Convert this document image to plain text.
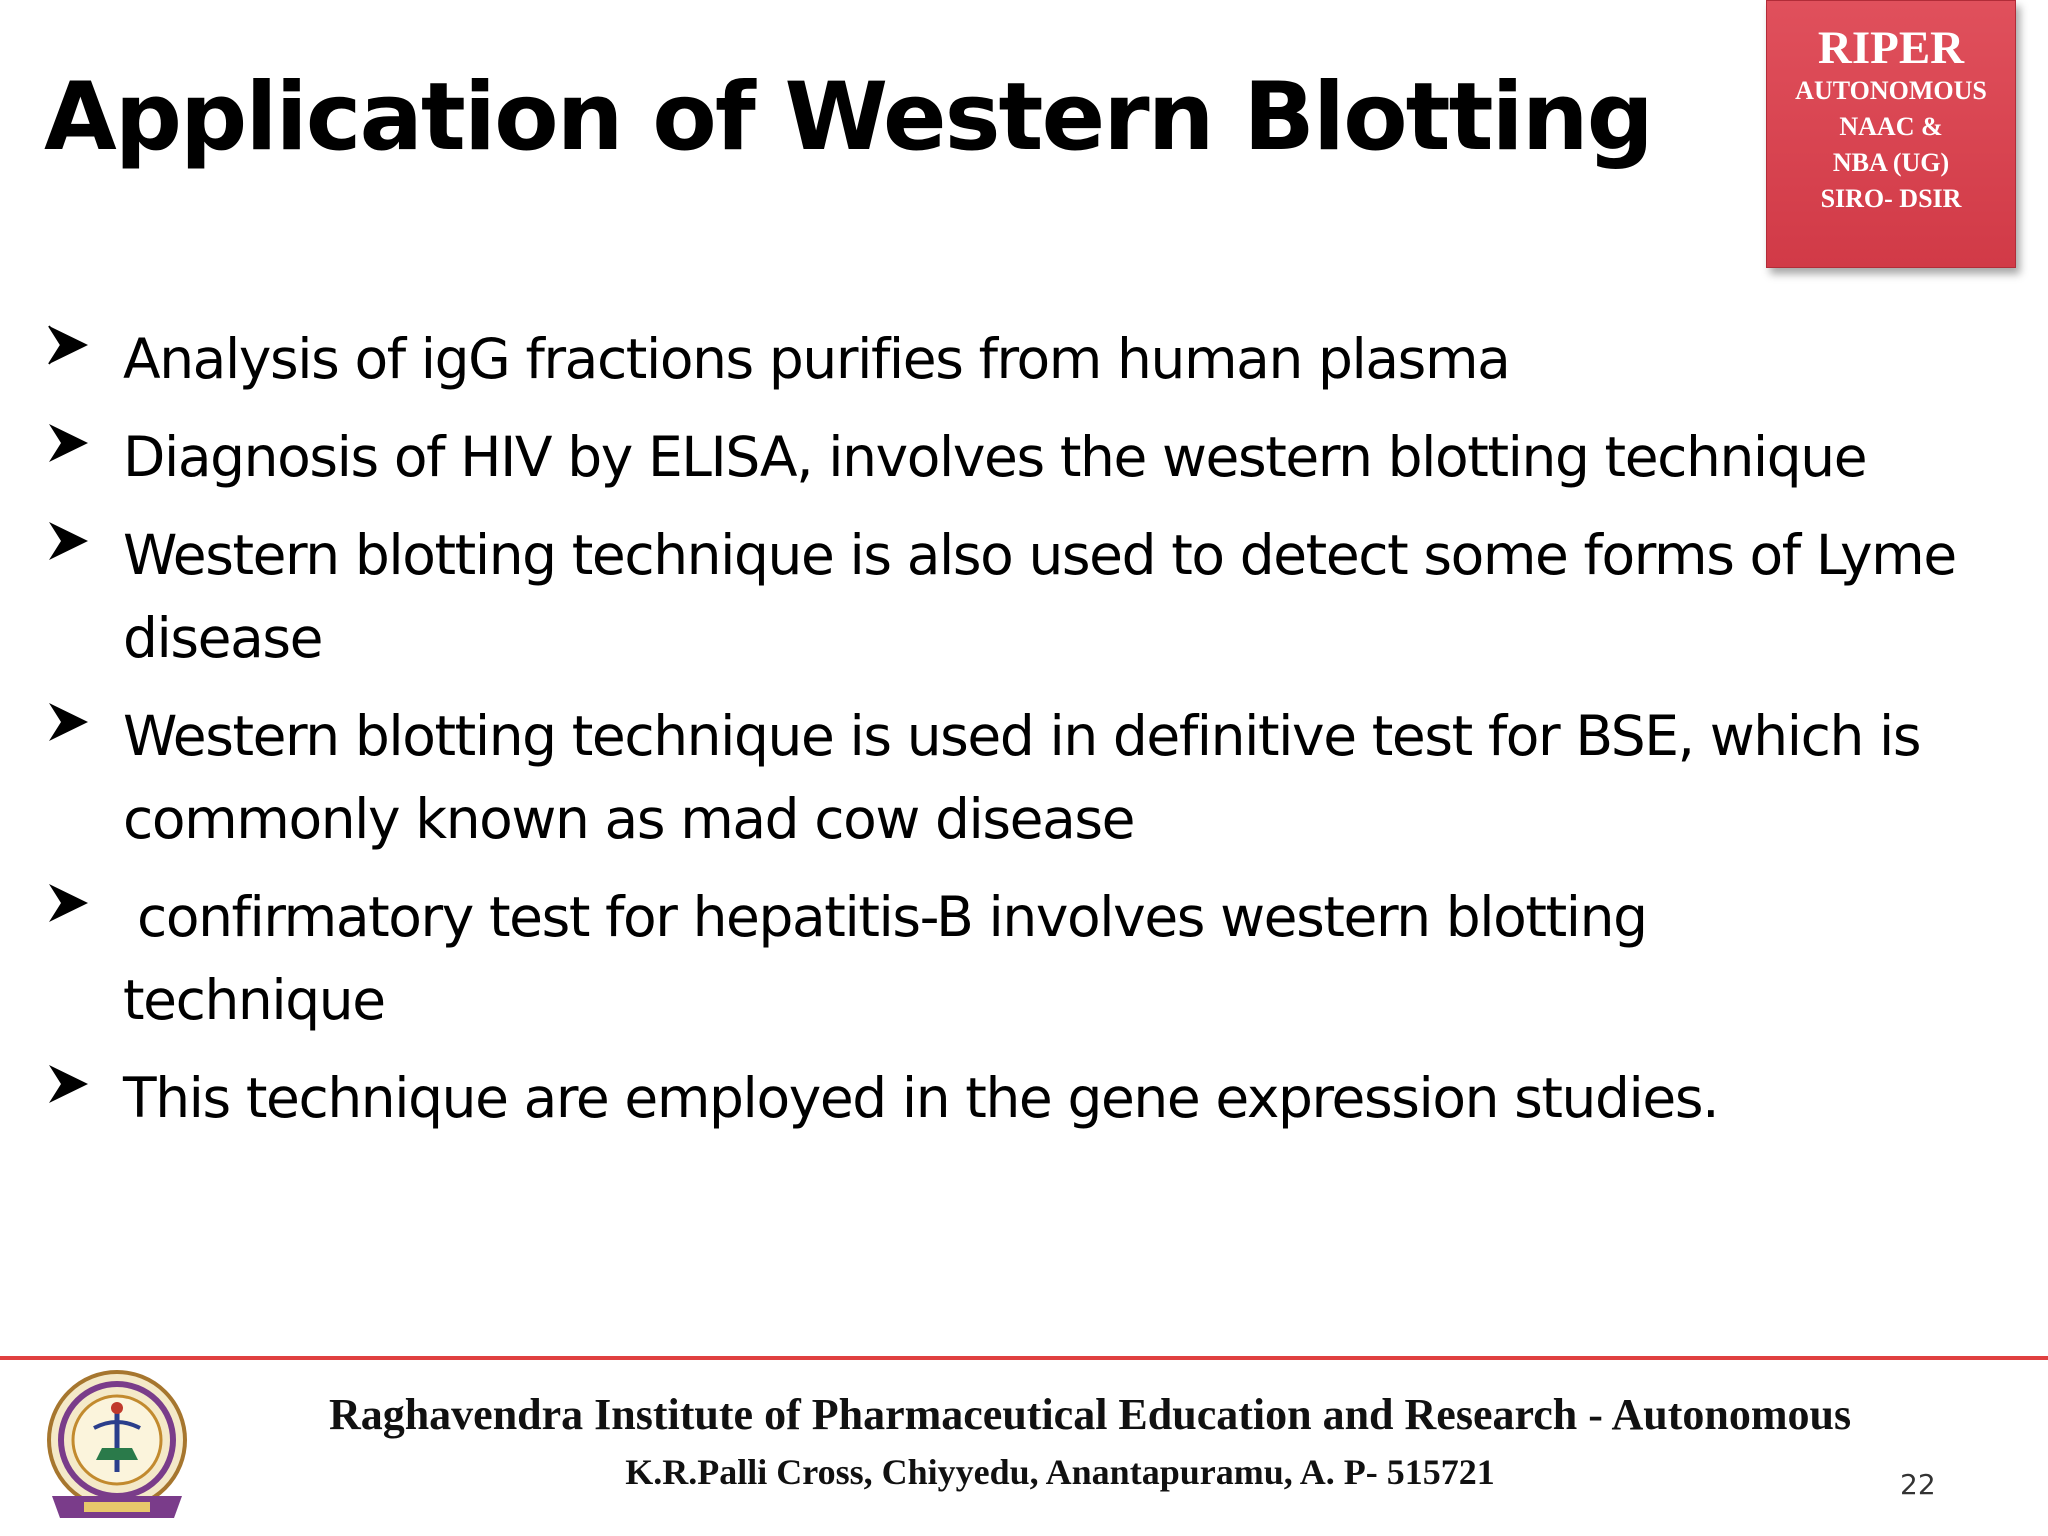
Application of Western Blotting
RIPER
AUTONOMOUS
NAAC &
NBA (UG)
SIRO- DSIR
Analysis of igG fractions purifies from human plasma
Diagnosis of HIV by ELISA, involves the western blotting technique
Western blotting technique is also used to detect some forms of Lyme disease
Western blotting technique is used in definitive test for BSE, which is commonly known as mad cow disease
confirmatory test for hepatitis-B involves western blotting technique
This technique are employed in the gene expression studies.
Raghavendra Institute of Pharmaceutical Education and Research - Autonomous
K.R.Palli Cross, Chiyyedu, Anantapuramu, A. P- 515721	22
